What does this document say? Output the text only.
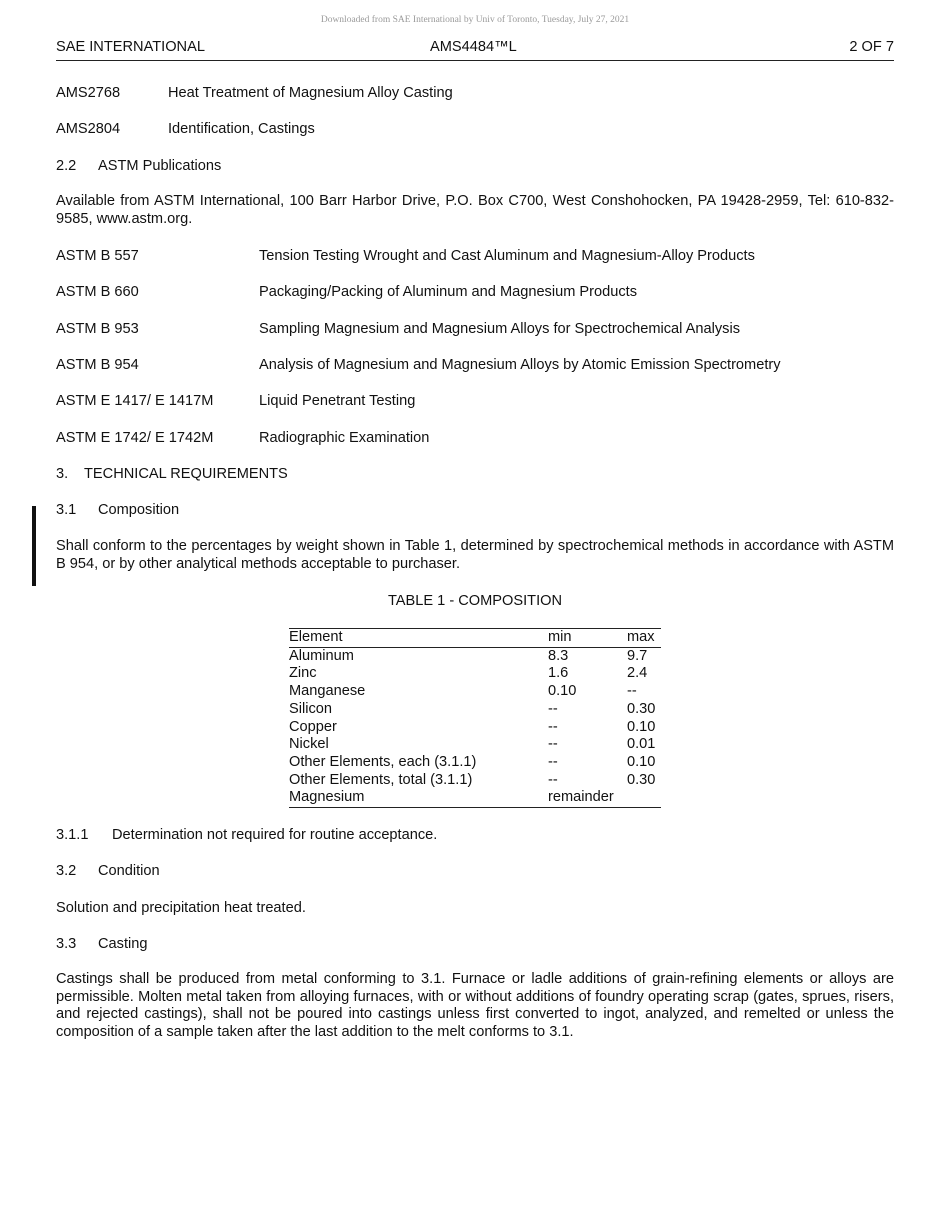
Downloaded from SAE International by Univ of Toronto, Tuesday, July 27, 2021
SAE INTERNATIONAL	AMS4484™L	2 OF 7
AMS2768	Heat Treatment of Magnesium Alloy Casting
AMS2804	Identification, Castings
2.2 ASTM Publications
Available from ASTM International, 100 Barr Harbor Drive, P.O. Box C700, West Conshohocken, PA 19428-2959, Tel: 610-832-9585, www.astm.org.
ASTM B 557	Tension Testing Wrought and Cast Aluminum and Magnesium-Alloy Products
ASTM B 660	Packaging/Packing of Aluminum and Magnesium Products
ASTM B 953	Sampling Magnesium and Magnesium Alloys for Spectrochemical Analysis
ASTM B 954	Analysis of Magnesium and Magnesium Alloys by Atomic Emission Spectrometry
ASTM E 1417/ E 1417M	Liquid Penetrant Testing
ASTM E 1742/ E 1742M	Radiographic Examination
3. TECHNICAL REQUIREMENTS
3.1 Composition
Shall conform to the percentages by weight shown in Table 1, determined by spectrochemical methods in accordance with ASTM B 954, or by other analytical methods acceptable to purchaser.
TABLE 1 - COMPOSITION
Element	min	max
Aluminum	8.3	9.7
Zinc	1.6	2.4
Manganese	0.10	--
Silicon	--	0.30
Copper	--	0.10
Nickel	--	0.01
Other Elements, each (3.1.1)	--	0.10
Other Elements, total (3.1.1)	--	0.30
Magnesium	remainder	
3.1.1 Determination not required for routine acceptance.
3.2 Condition
Solution and precipitation heat treated.
3.3 Casting
Castings shall be produced from metal conforming to 3.1. Furnace or ladle additions of grain-refining elements or alloys are permissible. Molten metal taken from alloying furnaces, with or without additions of foundry operating scrap (gates, sprues, risers, and rejected castings), shall not be poured into castings unless first converted to ingot, analyzed, and remelted or unless the composition of a sample taken after the last addition to the melt conforms to 3.1.
